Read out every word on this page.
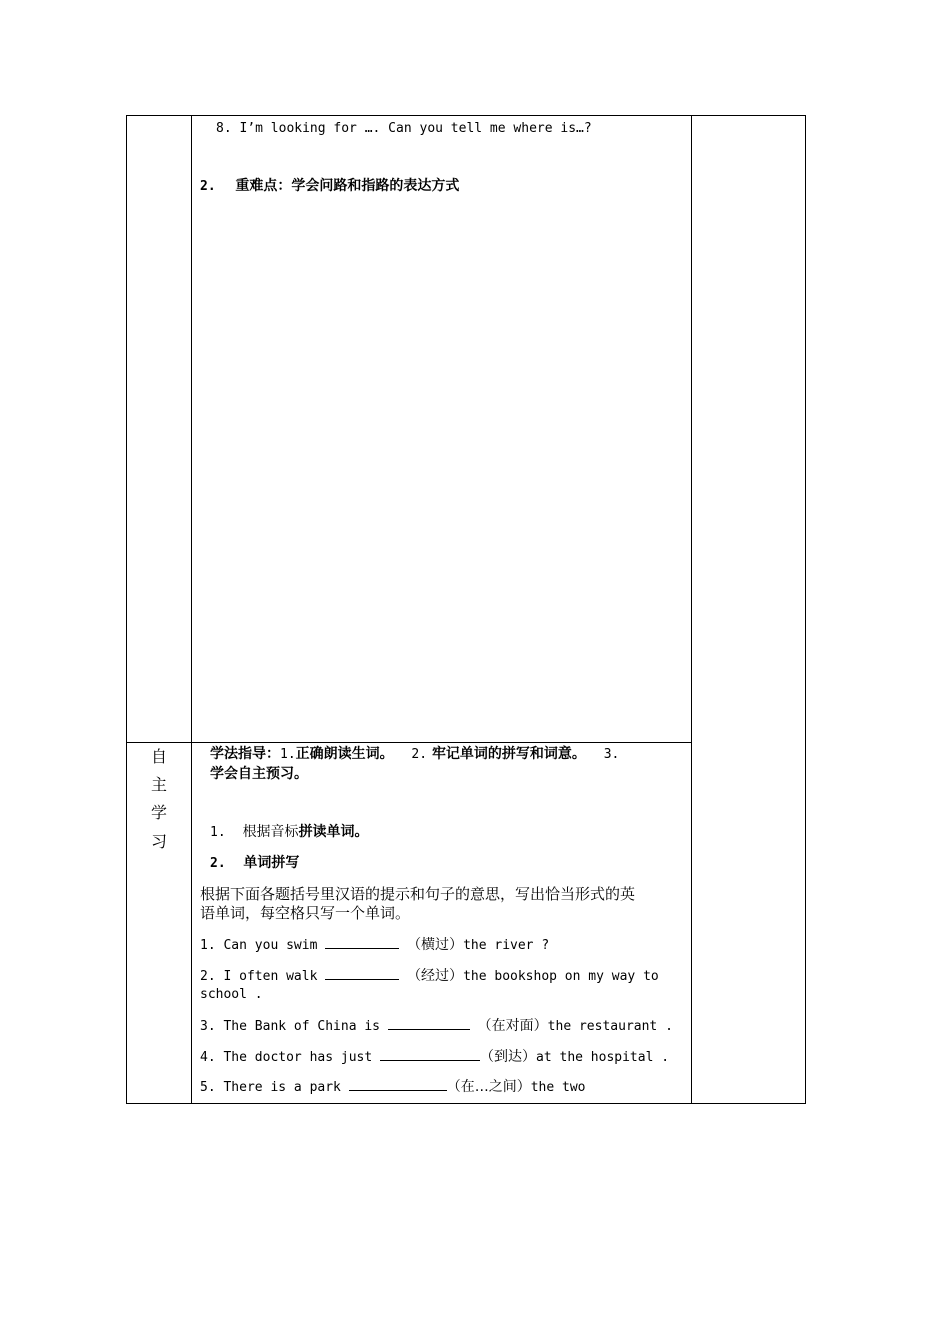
8. I’m looking for …. Can you tell me where is…?
2. 重难点：学会问路和指路的表达方式
自
主
学
习
学法指导：1.正确朗读生词。 2. 牢记单词的拼写和词意。 3.
学会自主预习。
1. 根据音标拼读单词。
2. 单词拼写
根据下面各题括号里汉语的提示和句子的意思，写出恰当形式的英
语单词，每空格只写一个单词。
1. Can you swim	（横过）the river ?
2. I often walk	（经过）the bookshop on my way to
school .
3. The Bank of China is	（在对面）the restaurant .
4. The doctor has just	（到达）at the hospital .
5. There is a park	（在…之间）the two
